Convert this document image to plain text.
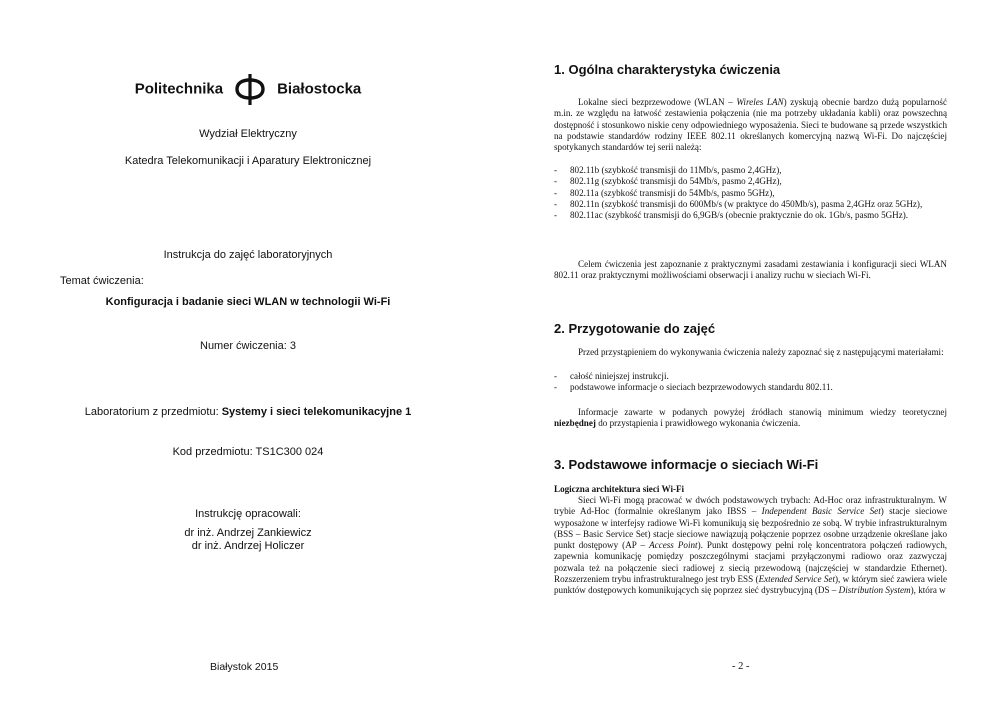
Politechnika	Białostocka
Wydział Elektryczny
Katedra Telekomunikacji i Aparatury Elektronicznej
Instrukcja do zajęć laboratoryjnych
Temat ćwiczenia:
Konfiguracja i badanie sieci WLAN w technologii Wi-Fi
Numer ćwiczenia: 3
Laboratorium z przedmiotu: Systemy i sieci telekomunikacyjne 1
Kod przedmiotu: TS1C300 024
Instrukcję opracowali:
dr inż. Andrzej Zankiewicz
dr inż. Andrzej Holiczer
Białystok 2015
1. Ogólna charakterystyka ćwiczenia
Lokalne sieci bezprzewodowe (WLAN – Wireles LAN) zyskują obecnie bardzo dużą popularność m.in. ze względu na łatwość zestawienia połączenia (nie ma potrzeby układania kabli) oraz powszechną dostępność i stosunkowo niskie ceny odpowiedniego wyposażenia. Sieci te budowane są przede wszystkich na podstawie standardów rodziny IEEE 802.11 określanych komercyjną nazwą Wi-Fi. Do najczęściej spotykanych standardów tej serii należą:
- 802.11b (szybkość transmisji do 11Mb/s, pasmo 2,4GHz),
- 802.11g (szybkość transmisji do 54Mb/s, pasmo 2,4GHz),
- 802.11a (szybkość transmisji do 54Mb/s, pasmo 5GHz),
- 802.11n (szybkość transmisji do 600Mb/s (w praktyce do 450Mb/s), pasma 2,4GHz oraz 5GHz),
- 802.11ac (szybkość transmisji do 6,9GB/s (obecnie praktycznie do ok. 1Gb/s, pasmo 5GHz).
Celem ćwiczenia jest zapoznanie z praktycznymi zasadami zestawiania i konfiguracji sieci WLAN 802.11 oraz praktycznymi możliwościami obserwacji i analizy ruchu w sieciach Wi-Fi.
2. Przygotowanie do zajęć
Przed przystąpieniem do wykonywania ćwiczenia należy zapoznać się z następującymi materiałami:
- całość niniejszej instrukcji.
- podstawowe informacje o sieciach bezprzewodowych standardu 802.11.
Informacje zawarte w podanych powyżej źródłach stanowią minimum wiedzy teoretycznej niezbędnej do przystąpienia i prawidłowego wykonania ćwiczenia.
3. Podstawowe informacje o sieciach Wi-Fi
Logiczna architektura sieci Wi-Fi
Sieci Wi-Fi mogą pracować w dwóch podstawowych trybach: Ad-Hoc oraz infrastrukturalnym. W trybie Ad-Hoc (formalnie określanym jako IBSS – Independent Basic Service Set) stacje sieciowe wyposażone w interfejsy radiowe Wi-Fi komunikują się bezpośrednio ze sobą. W trybie infrastrukturalnym (BSS – Basic Service Set) stacje sieciowe nawiązują połączenie poprzez osobne urządzenie określane jako punkt dostępowy (AP – Access Point). Punkt dostępowy pełni rolę koncentratora połączeń radiowych, zapewnia komunikację pomiędzy poszczególnymi stacjami przyłączonymi radiowo oraz zazwyczaj pozwala też na połączenie sieci radiowej z siecią przewodową (najczęściej w standardzie Ethernet). Rozszerzeniem trybu infrastrukturalnego jest tryb ESS (Extended Service Set), w którym sieć zawiera wiele punktów dostępowych komunikujących się poprzez sieć dystrybucyjną (DS – Distribution System), która w
- 2 -
